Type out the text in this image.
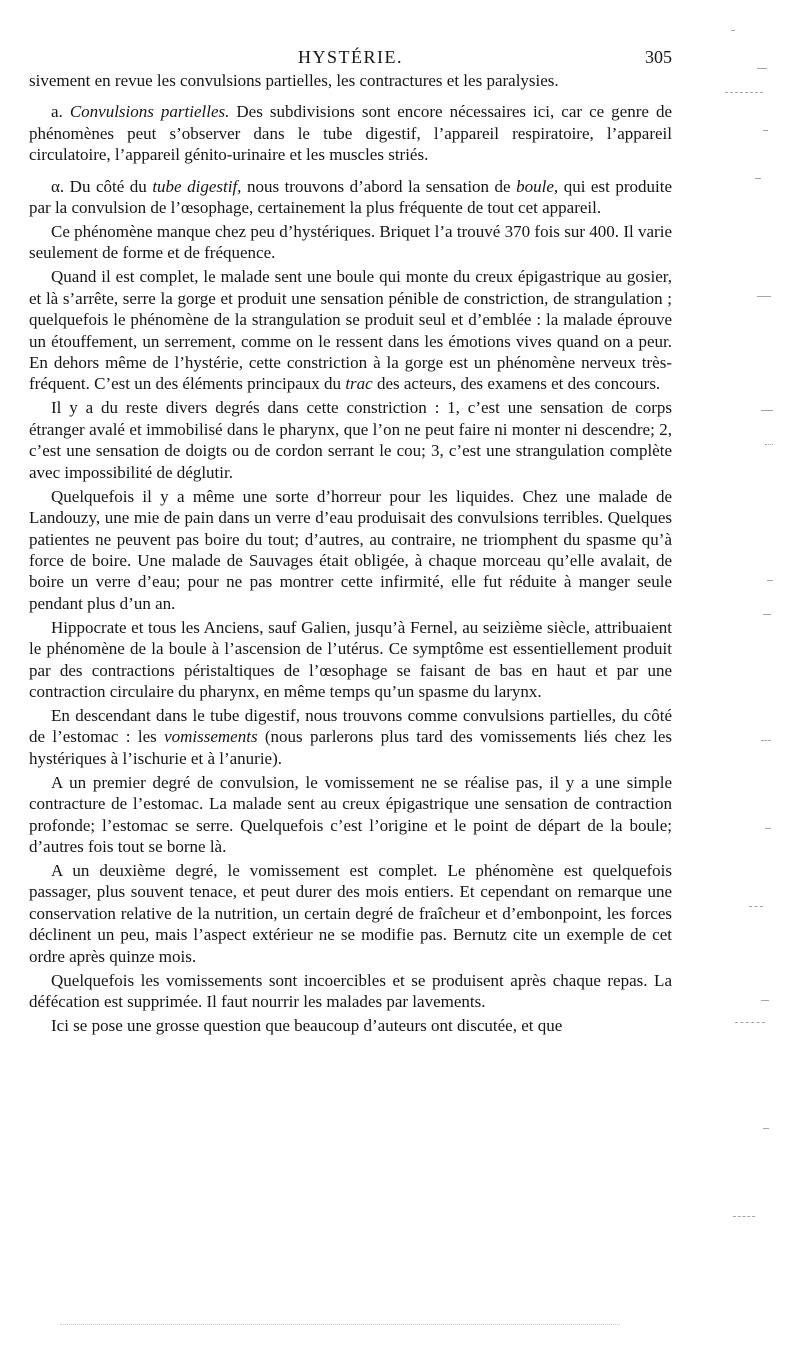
HYSTÉRIE.	305

sivement en revue les convulsions partielles, les contractures et les paralysies.

a. Convulsions partielles. Des subdivisions sont encore nécessaires ici, car ce genre de phénomènes peut s’observer dans le tube digestif, l’appareil respiratoire, l’appareil circulatoire, l’appareil génito-urinaire et les muscles striés.

α. Du côté du tube digestif, nous trouvons d’abord la sensation de boule, qui est produite par la convulsion de l’œsophage, certainement la plus fréquente de tout cet appareil.

Ce phénomène manque chez peu d’hystériques. Briquet l’a trouvé 370 fois sur 400. Il varie seulement de forme et de fréquence.

Quand il est complet, le malade sent une boule qui monte du creux épigastrique au gosier, et là s’arrête, serre la gorge et produit une sensation pénible de constriction, de strangulation ; quelquefois le phénomène de la strangulation se produit seul et d’emblée : la malade éprouve un étouffement, un serrement, comme on le ressent dans les émotions vives quand on a peur. En dehors même de l’hystérie, cette constriction à la gorge est un phénomène nerveux très-fréquent. C’est un des éléments principaux du trac des acteurs, des examens et des concours.

Il y a du reste divers degrés dans cette constriction : 1, c’est une sensation de corps étranger avalé et immobilisé dans le pharynx, que l’on ne peut faire ni monter ni descendre; 2, c’est une sensation de doigts ou de cordon serrant le cou; 3, c’est une strangulation complète avec impossibilité de déglutir.

Quelquefois il y a même une sorte d’horreur pour les liquides. Chez une malade de Landouzy, une mie de pain dans un verre d’eau produisait des convulsions terribles. Quelques patientes ne peuvent pas boire du tout; d’autres, au contraire, ne triomphent du spasme qu’à force de boire. Une malade de Sauvages était obligée, à chaque morceau qu’elle avalait, de boire un verre d’eau; pour ne pas montrer cette infirmité, elle fut réduite à manger seule pendant plus d’un an.

Hippocrate et tous les Anciens, sauf Galien, jusqu’à Fernel, au seizième siècle, attribuaient le phénomène de la boule à l’ascension de l’utérus. Ce symptôme est essentiellement produit par des contractions péristaltiques de l’œsophage se faisant de bas en haut et par une contraction circulaire du pharynx, en même temps qu’un spasme du larynx.

En descendant dans le tube digestif, nous trouvons comme convulsions partielles, du côté de l’estomac : les vomissements (nous parlerons plus tard des vomissements liés chez les hystériques à l’ischurie et à l’anurie).

A un premier degré de convulsion, le vomissement ne se réalise pas, il y a une simple contracture de l’estomac. La malade sent au creux épigastrique une sensation de contraction profonde; l’estomac se serre. Quelquefois c’est l’origine et le point de départ de la boule; d’autres fois tout se borne là.

A un deuxième degré, le vomissement est complet. Le phénomène est quelquefois passager, plus souvent tenace, et peut durer des mois entiers. Et cependant on remarque une conservation relative de la nutrition, un certain degré de fraîcheur et d’embonpoint, les forces déclinent un peu, mais l’aspect extérieur ne se modifie pas. Bernutz cite un exemple de cet ordre après quinze mois.

Quelquefois les vomissements sont incoercibles et se produisent après chaque repas. La défécation est supprimée. Il faut nourrir les malades par lavements.

Ici se pose une grosse question que beaucoup d’auteurs ont discutée, et que
